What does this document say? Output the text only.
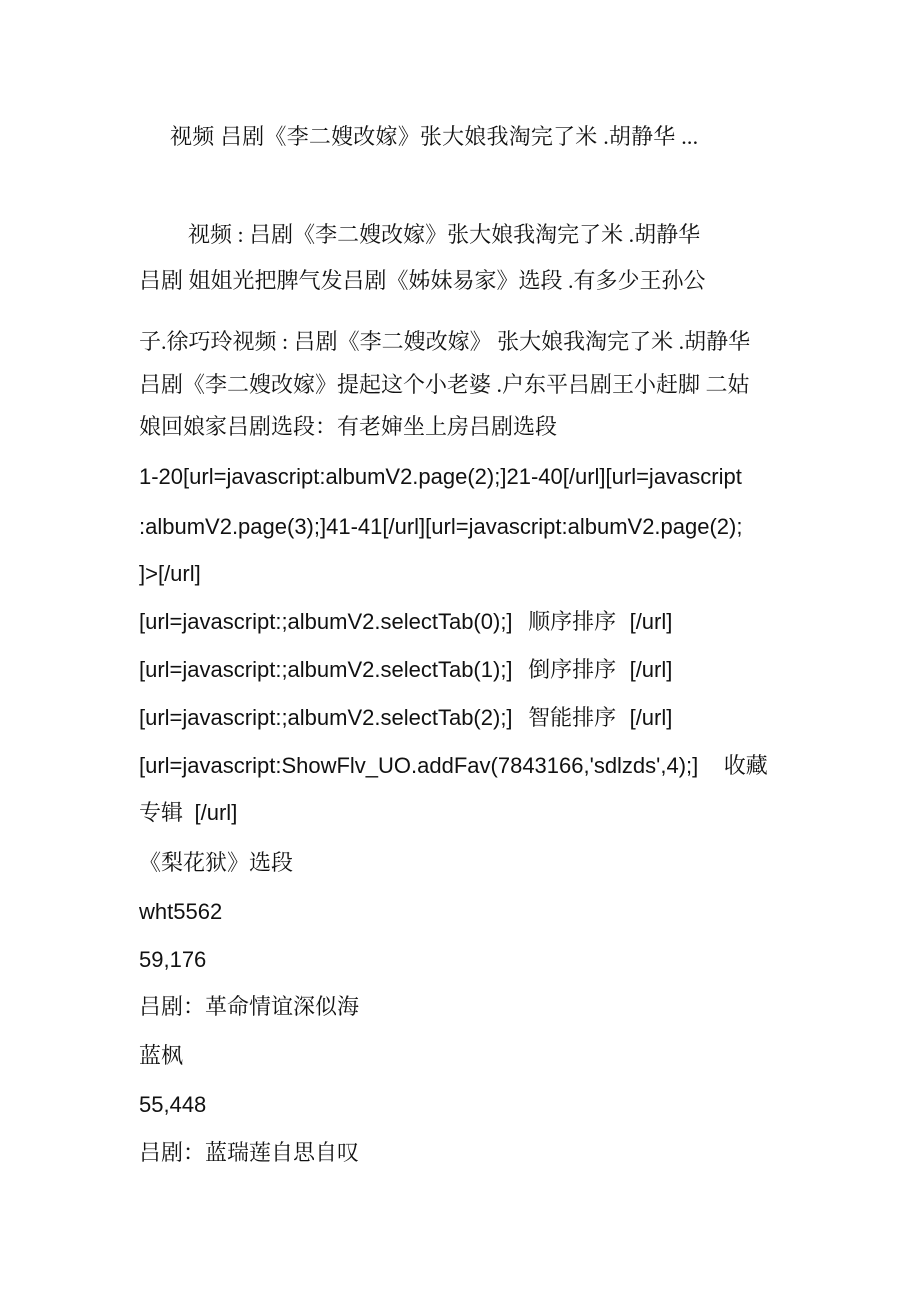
视频 吕剧《李二嫂改嫁》张大娘我淘完了米 .胡静华 ...
视频 : 吕剧《李二嫂改嫁》张大娘我淘完了米 .胡静华
吕剧 姐姐光把脾气发吕剧《姊妹易家》选段 .有多少王孙公
子.徐巧玲视频 : 吕剧《李二嫂改嫁》 张大娘我淘完了米 .胡静华
吕剧《李二嫂改嫁》提起这个小老婆 .户东平吕剧王小赶脚 二姑
娘回娘家吕剧选段：有老婶坐上房吕剧选段
1-20[url=javascript:albumV2.page(2);]21-40[/url][url=javascript
:albumV2.page(3);]41-41[/url][url=javascript:albumV2.page(2);
]>[/url]
[url=javascript:;albumV2.selectTab(0);] 顺序排序 [/url]
[url=javascript:;albumV2.selectTab(1);] 倒序排序 [/url]
[url=javascript:;albumV2.selectTab(2);] 智能排序 [/url]
[url=javascript:ShowFlv_UO.addFav(7843166,'sdlzds',4);] 收藏
专辑 [/url]
《梨花狱》选段
wht5562
59,176
吕剧：革命情谊深似海
蓝枫
55,448
吕剧：蓝瑞莲自思自叹
